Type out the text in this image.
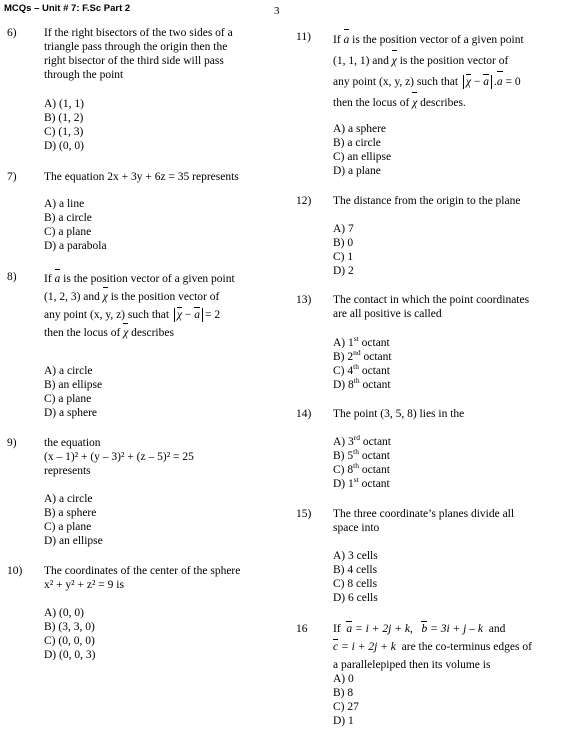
MCQs – Unit # 7: F.Sc Part 2	3
6) If the right bisectors of the two sides of a
triangle pass through the origin then the
right bisector of the third side will pass
through the point
A) (1, 1)
B) (1, 2)
C) (1, 3)
D) (0, 0)
7) The equation 2x + 3y + 6z = 35 represents
A) a line
B) a circle
C) a plane
D) a parabola
8) If a is the position vector of a given point
(1, 2, 3) and χ is the position vector of
any point (x, y, z) such that χ − a = 2
then the locus of χ describes
A) a circle
B) an ellipse
C) a plane
D) a sphere
9) the equation
(x – 1)² + (y – 3)² + (z – 5)² = 25
represents
A) a circle
B) a sphere
C) a plane
D) an ellipse
10) The coordinates of the center of the sphere
x² + y² + z² = 9 is
A) (0, 0)
B) (3, 3, 0)
C) (0, 0, 0)
D) (0, 0, 3)
11) If a is the position vector of a given point
(1, 1, 1) and χ is the position vector of
any point (x, y, z) such that χ − a .a = 0
then the locus of χ describes.
A) a sphere
B) a circle
C) an ellipse
D) a plane
12) The distance from the origin to the plane
A) 7
B) 0
C) 1
D) 2
13) The contact in which the point coordinates
are all positive is called
A) 1st octant
B) 2nd octant
C) 4th octant
D) 8th octant
14) The point (3, 5, 8) lies in the
A) 3rd octant
B) 5th octant
C) 8th octant
D) 1st octant
15) The three coordinate’s planes divide all
space into
A) 3 cells
B) 4 cells
C) 8 cells
D) 6 cells
16 If a = i + 2j + k, b = 3i + j – k and
c = i + 2j + k are the co-terminus edges of
a parallelepiped then its volume is
A) 0
B) 8
C) 27
D) 1
